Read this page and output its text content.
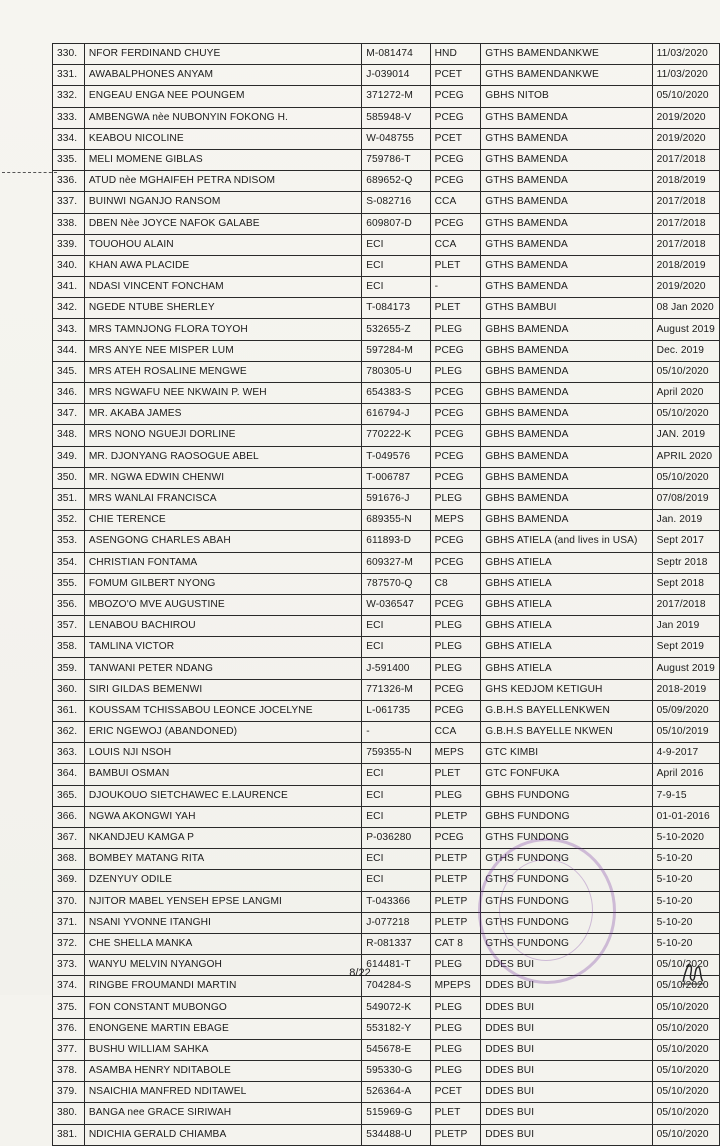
330.	NFOR FERDINAND CHUYE	M-081474	HND	GTHS BAMENDANKWE	11/03/2020
331.	AWABALPHONES ANYAM	J-039014	PCET	GTHS BAMENDANKWE	11/03/2020
332.	ENGEAU ENGA NEE POUNGEM	371272-M	PCEG	GBHS NITOB	05/10/2020
333.	AMBENGWA nèe NUBONYIN FOKONG H.	585948-V	PCEG	GTHS BAMENDA	2019/2020
334.	KEABOU NICOLINE	W-048755	PCET	GTHS BAMENDA	2019/2020
335.	MELI MOMENE GIBLAS	759786-T	PCEG	GTHS BAMENDA	2017/2018
336.	ATUD nèe MGHAIFEH PETRA NDISOM	689652-Q	PCEG	GTHS BAMENDA	2018/2019
337.	BUINWI NGANJO RANSOM	S-082716	CCA	GTHS BAMENDA	2017/2018
338.	DBEN Nèe JOYCE NAFOK GALABE	609807-D	PCEG	GTHS BAMENDA	2017/2018
339.	TOUOHOU ALAIN	ECI	CCA	GTHS BAMENDA	2017/2018
340.	KHAN AWA PLACIDE	ECI	PLET	GTHS BAMENDA	2018/2019
341.	NDASI VINCENT FONCHAM	ECI	-	GTHS BAMENDA	2019/2020
342.	NGEDE NTUBE SHERLEY	T-084173	PLET	GTHS BAMBUI	08 Jan 2020
343.	MRS TAMNJONG FLORA TOYOH	532655-Z	PLEG	GBHS BAMENDA	August 2019
344.	MRS ANYE NEE MISPER LUM	597284-M	PCEG	GBHS BAMENDA	Dec. 2019
345.	MRS ATEH ROSALINE MENGWE	780305-U	PLEG	GBHS BAMENDA	05/10/2020
346.	MRS NGWAFU NEE NKWAIN P. WEH	654383-S	PCEG	GBHS BAMENDA	April 2020
347.	MR. AKABA JAMES	616794-J	PCEG	GBHS BAMENDA	05/10/2020
348.	MRS NONO NGUEJI DORLINE	770222-K	PCEG	GBHS BAMENDA	JAN. 2019
349.	MR. DJONYANG RAOSOGUE ABEL	T-049576	PCEG	GBHS BAMENDA	APRIL 2020
350.	MR. NGWA EDWIN CHENWI	T-006787	PCEG	GBHS BAMENDA	05/10/2020
351.	MRS WANLAI FRANCISCA	591676-J	PLEG	GBHS BAMENDA	07/08/2019
352.	CHIE TERENCE	689355-N	MEPS	GBHS BAMENDA	Jan. 2019
353.	ASENGONG CHARLES ABAH	611893-D	PCEG	GBHS ATIELA (and lives in USA)	Sept 2017
354.	CHRISTIAN FONTAMA	609327-M	PCEG	GBHS ATIELA	Septr 2018
355.	FOMUM GILBERT NYONG	787570-Q	C8	GBHS ATIELA	Sept 2018
356.	MBOZO'O MVE AUGUSTINE	W-036547	PCEG	GBHS ATIELA	2017/2018
357.	LENABOU BACHIROU	ECI	PLEG	GBHS ATIELA	Jan 2019
358.	TAMLINA VICTOR	ECI	PLEG	GBHS ATIELA	Sept 2019
359.	TANWANI PETER NDANG	J-591400	PLEG	GBHS ATIELA	August 2019
360.	SIRI GILDAS BEMENWI	771326-M	PCEG	GHS KEDJOM KETIGUH	2018-2019
361.	KOUSSAM TCHISSABOU LEONCE JOCELYNE	L-061735	PCEG	G.B.H.S BAYELLENKWEN	05/09/2020
362.	ERIC NGEWOJ (ABANDONED)	-	CCA	G.B.H.S BAYELLE NKWEN	05/10/2019
363.	LOUIS NJI NSOH	759355-N	MEPS	GTC KIMBI	4-9-2017
364.	BAMBUI OSMAN	ECI	PLET	GTC FONFUKA	April 2016
365.	DJOUKOUO SIETCHAWEC E.LAURENCE	ECI	PLEG	GBHS FUNDONG	7-9-15
366.	NGWA AKONGWI YAH	ECI	PLETP	GBHS FUNDONG	01-01-2016
367.	NKANDJEU KAMGA P	P-036280	PCEG	GTHS FUNDONG	5-10-2020
368.	BOMBEY MATANG RITA	ECI	PLETP	GTHS FUNDONG	5-10-20
369.	DZENYUY ODILE	ECI	PLETP	GTHS FUNDONG	5-10-20
370.	NJITOR MABEL YENSEH EPSE LANGMI	T-043366	PLETP	GTHS FUNDONG	5-10-20
371.	NSANI YVONNE ITANGHI	J-077218	PLETP	GTHS FUNDONG	5-10-20
372.	CHE SHELLA MANKA	R-081337	CAT 8	GTHS FUNDONG	5-10-20
373.	WANYU MELVIN NYANGOH	614481-T	PLEG	DDES BUI	05/10/2020
374.	RINGBE FROUMANDI MARTIN	704284-S	MPEPS	DDES BUI	05/10/2020
375.	FON CONSTANT MUBONGO	549072-K	PLEG	DDES BUI	05/10/2020
376.	ENONGENE MARTIN EBAGE	553182-Y	PLEG	DDES BUI	05/10/2020
377.	BUSHU WILLIAM SAHKA	545678-E	PLEG	DDES BUI	05/10/2020
378.	ASAMBA HENRY NDITABOLE	595330-G	PLEG	DDES BUI	05/10/2020
379.	NSAICHIA MANFRED NDITAWEL	526364-A	PCET	DDES BUI	05/10/2020
380.	BANGA nee GRACE SIRIWAH	515969-G	PLET	DDES BUI	05/10/2020
381.	NDICHIA GERALD CHIAMBA	534488-U	PLETP	DDES BUI	05/10/2020
8/22
